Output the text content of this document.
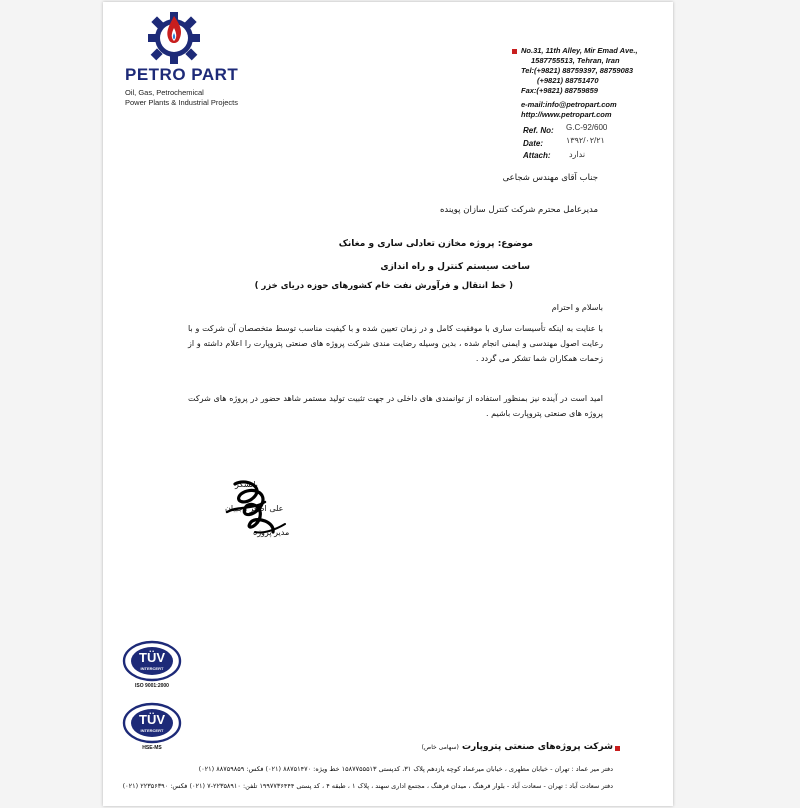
PETRO PART
Oil, Gas, Petrochemical
Power Plants & Industrial Projects
No.31, 11th Alley, Mir Emad Ave.,
1587755513, Tehran, Iran
Tel:(+9821) 88759397, 88759083
(+9821) 88751470
Fax:(+9821) 88759859
e-mail:info@petropart.com
http://www.petropart.com
Ref. No: G.C-92/600
Date:	۱۳۹۲/۰۲/۲۱
Attach: ندارد
جناب آقای مهندس شجاعی
مدیرعامل محترم شرکت کنترل سازان پوینده
موضوع: پروژه مخازن تعادلی ساری و مغانک
ساخت سیستم کنترل و راه اندازی
( خط انتقال و فرآورش نفت خام کشورهای حوزه دریای خزر )
باسلام و احترام
با عنایت به اینکه تأسیسات ساری با موفقیت کامل و در زمان تعیین شده و با کیفیت مناسب توسط متخصصان آن شرکت و با رعایت اصول مهندسی و ایمنی انجام شده ، بدین وسیله رضایت مندی شرکت پروژه های صنعتی پتروپارت را اعلام داشته و از زحمات همکاران شما تشکر می گردد .
امید است در آینده نیز بمنظور استفاده از توانمندی های داخلی در جهت تثبیت تولید مستمر شاهد حضور در پروژه های شرکت پروژه های صنعتی پتروپارت باشیم .
باتشکر
علی اصغر رجبیان
مدیر پروژه
TÜV
INTERCERT
ISO 9001:2000
TÜV
INTERCERT
HSE-MS	شرکت پروژه‌های صنعتی پتروپارت (سهامی خاص)
دفتر میر عماد : تهران - خیابان مطهری ، خیابان میرعماد کوچه یازدهم پلاک ۳۱، کدپستی ۱۵۸۷۷۵۵۵۱۳ خط ویژه: ۸۸۷۵۱۴۷۰ (۰۲۱) فکس: ۸۸۷۵۹۸۵۹ (۰۲۱)
دفتر سعادت آباد : تهران - سعادت آباد - بلوار فرهنگ ، میدان فرهنگ ، مجتمع اداری سهند ، پلاک ۱ ، طبقه ۴ ، کد پستی ۱۹۹۷۷۳۶۴۴۴ تلفن: ۲۲۳۵۸۹۱۰-۷ (۰۲۱) فکس: ۲۲۳۵۶۳۹۰ (۰۲۱)
